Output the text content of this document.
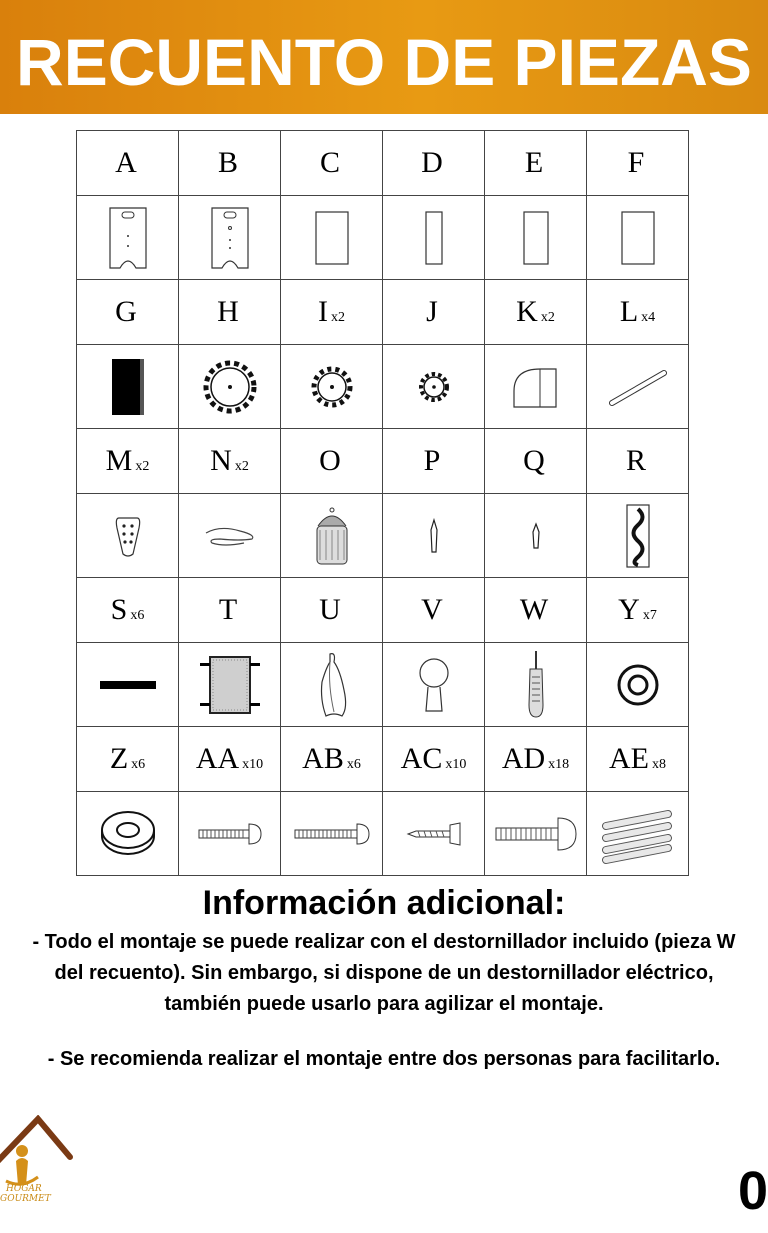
RECUENTO DE PIEZAS
A	B	C	D	E	F

G	H	I x2	J	K x2	L x4

M x2	N x2	O	P	Q	R

S x6	T	U	V	W	Y x7

Z x6	AA x10	AB x6	AC x10	AD x18	AE x8

Información adicional:
- Todo el montaje se puede realizar con el destornillador incluido (pieza W
del recuento). Sin embargo, si dispone de un destornillador eléctrico,
también puede usarlo para agilizar el montaje.
- Se recomienda realizar el montaje entre dos personas para facilitarlo.
HOGAR
GOURMET	0
